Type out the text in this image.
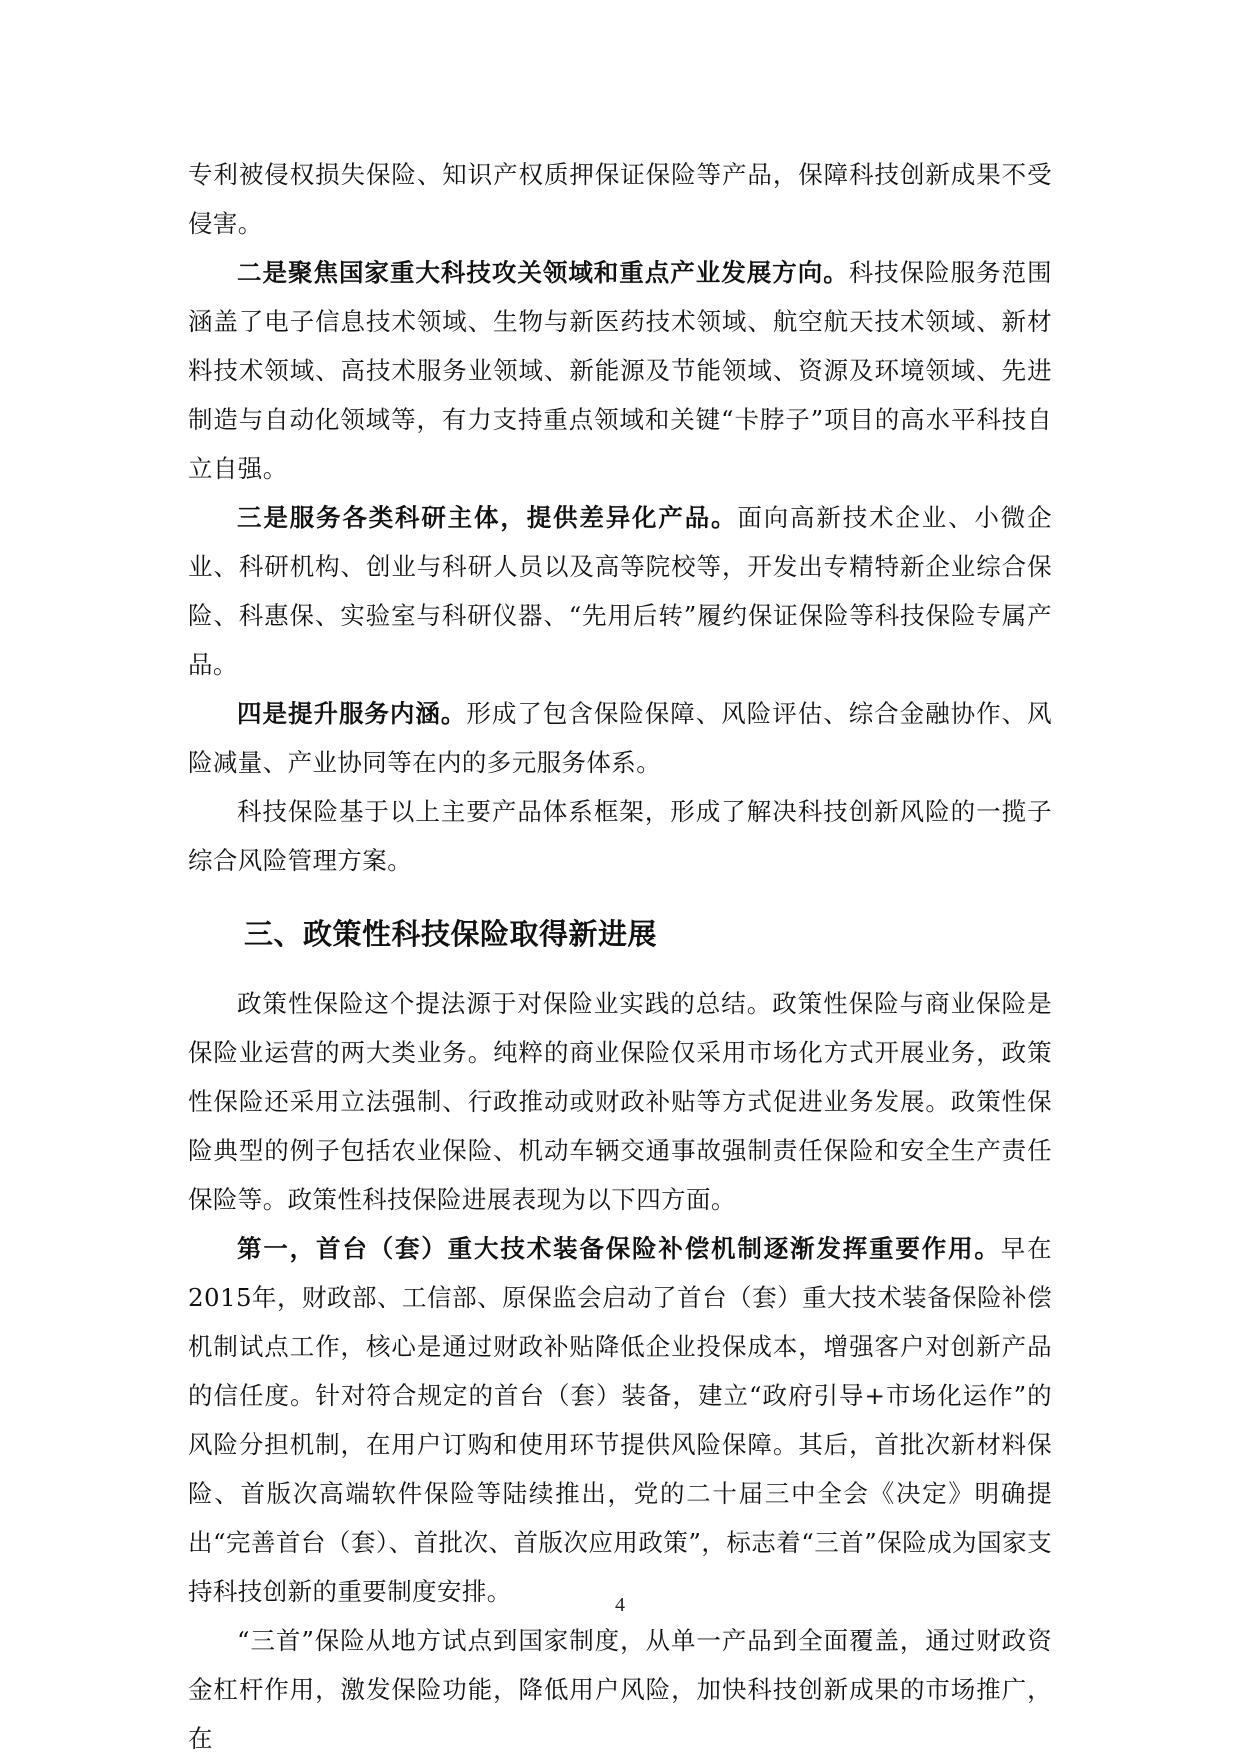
专利被侵权损失保险、知识产权质押保证保险等产品，保障科技创新成果不受侵害。

二是聚焦国家重大科技攻关领域和重点产业发展方向。科技保险服务范围涵盖了电子信息技术领域、生物与新医药技术领域、航空航天技术领域、新材料技术领域、高技术服务业领域、新能源及节能领域、资源及环境领域、先进制造与自动化领域等，有力支持重点领域和关键“卡脖子”项目的高水平科技自立自强。

三是服务各类科研主体，提供差异化产品。面向高新技术企业、小微企业、科研机构、创业与科研人员以及高等院校等，开发出专精特新企业综合保险、科惠保、实验室与科研仪器、“先用后转”履约保证保险等科技保险专属产品。

四是提升服务内涵。形成了包含保险保障、风险评估、综合金融协作、风险减量、产业协同等在内的多元服务体系。

科技保险基于以上主要产品体系框架，形成了解决科技创新风险的一揽子综合风险管理方案。

三、政策性科技保险取得新进展

政策性保险这个提法源于对保险业实践的总结。政策性保险与商业保险是保险业运营的两大类业务。纯粹的商业保险仅采用市场化方式开展业务，政策性保险还采用立法强制、行政推动或财政补贴等方式促进业务发展。政策性保险典型的例子包括农业保险、机动车辆交通事故强制责任保险和安全生产责任保险等。政策性科技保险进展表现为以下四方面。

第一，首台（套）重大技术装备保险补偿机制逐渐发挥重要作用。早在2015年，财政部、工信部、原保监会启动了首台（套）重大技术装备保险补偿机制试点工作，核心是通过财政补贴降低企业投保成本，增强客户对创新产品的信任度。针对符合规定的首台（套）装备，建立“政府引导+市场化运作”的风险分担机制，在用户订购和使用环节提供风险保障。其后，首批次新材料保险、首版次高端软件保险等陆续推出，党的二十届三中全会《决定》明确提出“完善首台（套）、首批次、首版次应用政策”，标志着“三首”保险成为国家支持科技创新的重要制度安排。

“三首”保险从地方试点到国家制度，从单一产品到全面覆盖，通过财政资金杠杆作用，激发保险功能，降低用户风险，加快科技创新成果的市场推广，在

4
